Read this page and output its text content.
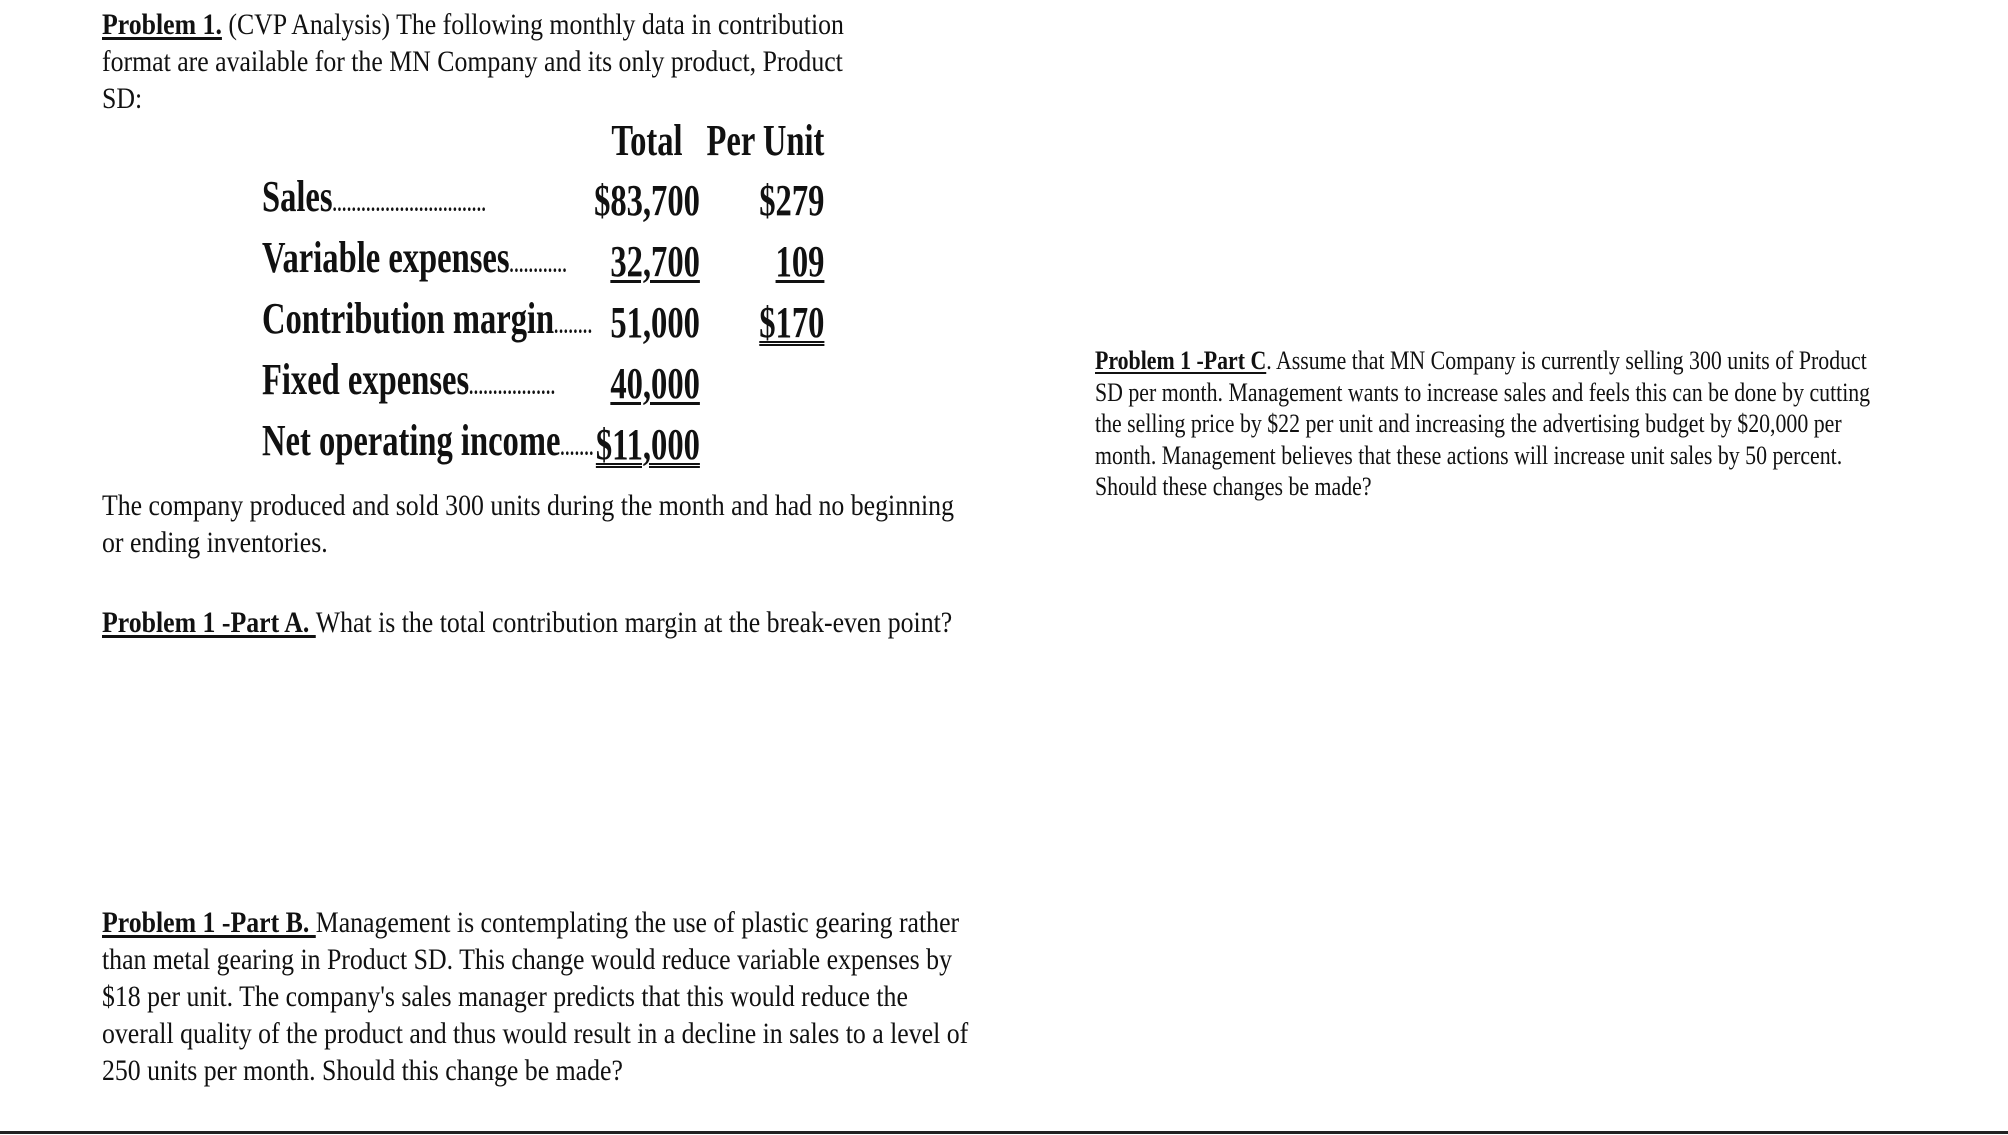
Problem 1. (CVP Analysis) The following monthly data in contribution format are available for the MN Company and its only product, Product SD:

	Total		Per Unit
Sales................................	$83,700		$279
Variable expenses............	32,700		109
Contribution margin........	51,000		$170
Fixed expenses..................	40,000		
Net operating income.......	$11,000		

The company produced and sold 300 units during the month and had no beginning or ending inventories.

Problem 1 -Part A. What is the total contribution margin at the break-even point?

Problem 1 -Part B. Management is contemplating the use of plastic gearing rather than metal gearing in Product SD. This change would reduce variable expenses by $18 per unit. The company's sales manager predicts that this would reduce the overall quality of the product and thus would result in a decline in sales to a level of 250 units per month. Should this change be made?

Problem 1 -Part C. Assume that MN Company is currently selling 300 units of Product SD per month. Management wants to increase sales and feels this can be done by cutting the selling price by $22 per unit and increasing the advertising budget by $20,000 per month. Management believes that these actions will increase unit sales by 50 percent. Should these changes be made?
